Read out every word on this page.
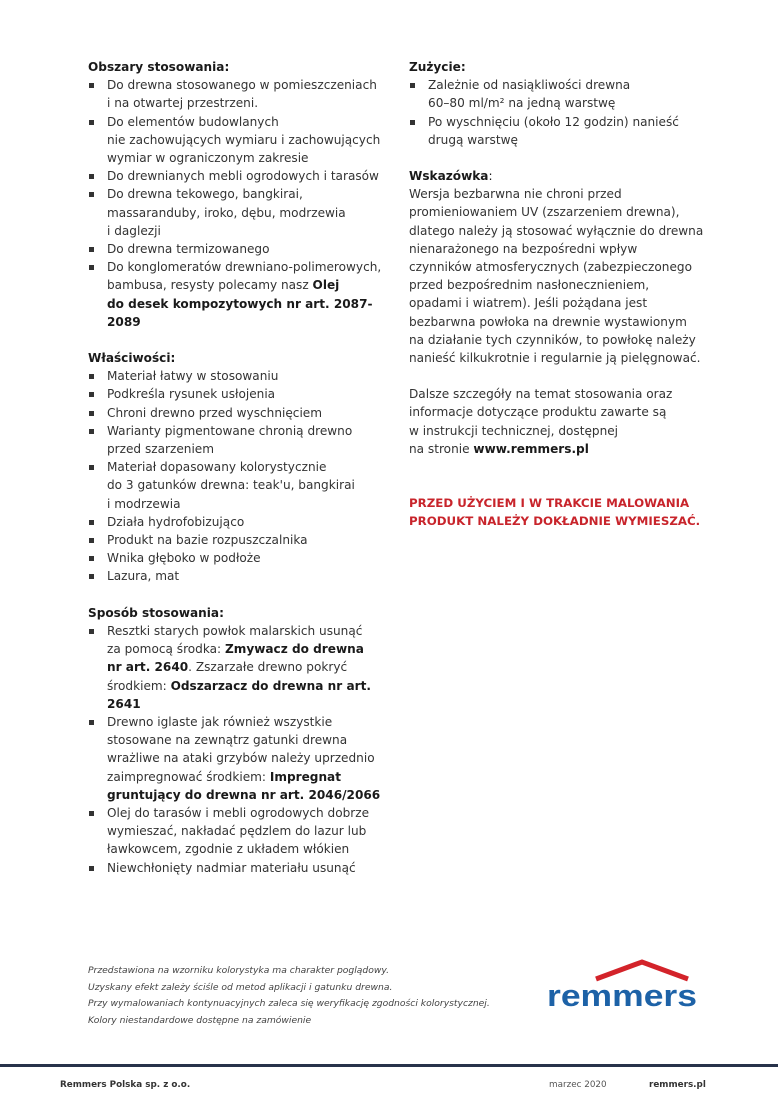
Obszary stosowania:
Do drewna stosowanego w pomieszczeniach
i na otwartej przestrzeni.
Do elementów budowlanych
nie zachowujących wymiaru i zachowujących
wymiar w ograniczonym zakresie
Do drewnianych mebli ogrodowych i tarasów
Do drewna tekowego, bangkirai,
massaranduby, iroko, dębu, modrzewia
i daglezji
Do drewna termizowanego
Do konglomeratów drewniano-polimerowych,
bambusa, resysty polecamy nasz Olej
do desek kompozytowych nr art. 2087-2089
Właściwości:
Materiał łatwy w stosowaniu
Podkreśla rysunek usłojenia
Chroni drewno przed wyschnięciem
Warianty pigmentowane chronią drewno
przed szarzeniem
Materiał dopasowany kolorystycznie
do 3 gatunków drewna: teak'u, bangkirai
i modrzewia
Działa hydrofobizująco
Produkt na bazie rozpuszczalnika
Wnika głęboko w podłoże
Lazura, mat
Sposób stosowania:
Resztki starych powłok malarskich usunąć
za pomocą środka: Zmywacz do drewna
nr art. 2640. Zszarzałe drewno pokryć
środkiem: Odszarzacz do drewna nr art. 2641
Drewno iglaste jak również wszystkie
stosowane na zewnątrz gatunki drewna
wrażliwe na ataki grzybów należy uprzednio
zaimpregnować środkiem: Impregnat
gruntujący do drewna nr art. 2046/2066
Olej do tarasów i mebli ogrodowych dobrze
wymieszać, nakładać pędzlem do lazur lub
ławkowcem, zgodnie z układem włókien
Niewchłonięty nadmiar materiału usunąć
Zużycie:
Zależnie od nasiąkliwości drewna
60–80 ml/m² na jedną warstwę
Po wyschnięciu (około 12 godzin) nanieść
drugą warstwę
Wskazówka:

Wersja bezbarwna nie chroni przed
promieniowaniem UV (zszarzeniem drewna),
dlatego należy ją stosować wyłącznie do drewna
nienarażonego na bezpośredni wpływ
czynników atmosferycznych (zabezpieczonego
przed bezpośrednim nasłonecznieniem,
opadami i wiatrem). Jeśli pożądana jest
bezbarwna powłoka na drewnie wystawionym
na działanie tych czynników, to powłokę należy
nanieść kilkukrotnie i regularnie ją pielęgnować.

Dalsze szczegóły na temat stosowania oraz
informacje dotyczące produktu zawarte są
w instrukcji technicznej, dostępnej
na stronie www.remmers.pl

PRZED UŻYCIEM I W TRAKCIE MALOWANIA
PRODUKT NALEŻY DOKŁADNIE WYMIESZAĆ.
Przedstawiona na wzorniku kolorystyka ma charakter poglądowy.
Uzyskany efekt zależy ściśle od metod aplikacji i gatunku drewna.
Przy wymalowaniach kontynuacyjnych zaleca się weryfikację zgodności kolorystycznej.
Kolory niestandardowe dostępne na zamówienie
remmers
Remmers Polska sp. z o.o.	marzec 2020	remmers.pl
